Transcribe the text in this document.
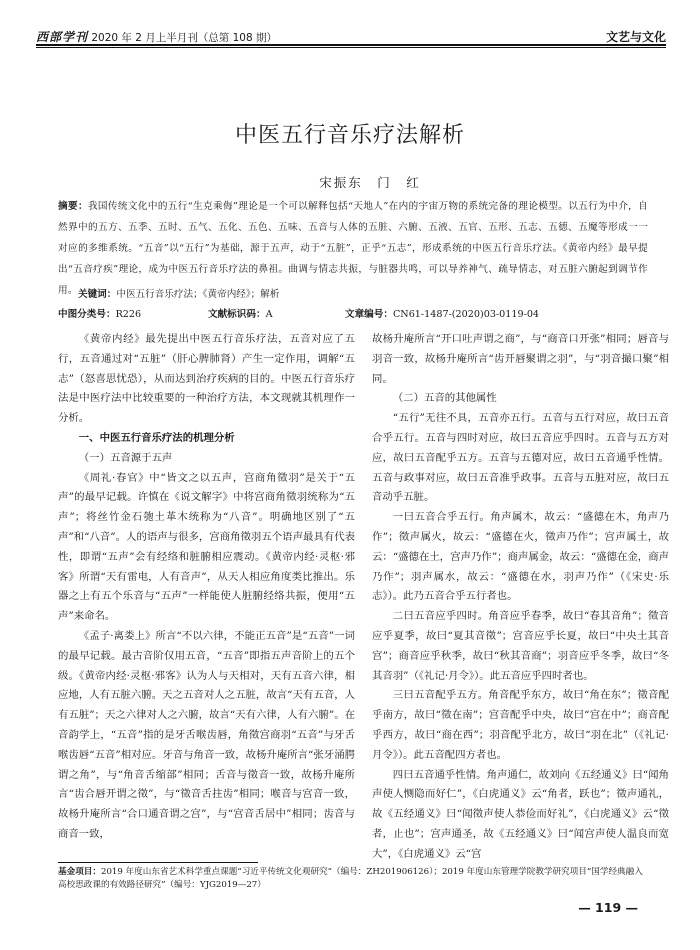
西部学刊 2020 年 2 月上半月刊（总第 108 期）	文艺与文化
中医五行音乐疗法解析
宋振东　门　红
摘要：我国传统文化中的五行“生克乘侮”理论是一个可以解释包括“天地人”在内的宇宙万物的系统完备的理论模型。以五行为中介，自然界中的五方、五季、五时、五气、五化、五色、五味、五音与人体的五脏、六腑、五液、五官、五形、五志、五德、五魔等形成一一对应的多维系统。“五音”以“五行”为基础，源于五声，动于“五脏”，正乎“五志”，形成系统的中医五行音乐疗法。《黄帝内经》最早提出“五音疗疾”理论，成为中医五行音乐疗法的鼻祖。曲调与情志共振，与脏器共鸣，可以导养神气、疏导情志，对五脏六腑起到调节作用。 关键词：中医五行音乐疗法；《黄帝内经》；解析
中图分类号：R226	文献标识码：A	文章编号：CN61-1487-(2020)03-0119-04

《黄帝内经》最先提出中医五行音乐疗法，五音对应了五行，五音通过对“五脏”（肝心脾肺肾）产生一定作用，调解“五志”（怒喜思忧恐），从而达到治疗疾病的目的。中医五行音乐疗法是中医疗法中比较重要的一种治疗方法，本文现就其机理作一分析。

一、中医五行音乐疗法的机理分析
（一）五音源于五声

《周礼·春官》中“皆文之以五声，宫商角徵羽”是关于“五声”的最早记载。许慎在《说文解字》中将宫商角徵羽统称为“五声”；将丝竹金石匏土革木统称为“八音”。明确地区别了“五声”和“八音”。人的语声与很多，宫商角徵羽五个语声最具有代表性，即谓“五声”会有经络和脏腑相应震动。《黄帝内经·灵枢·邪客》所谓“天有雷电，人有音声”，从天人相应角度类比推出。乐器之上有五个乐音与“五声”一样能使人脏腑经络共振，便用“五声”来命名。

《孟子·离娄上》所言“不以六律，不能正五音”是“五音”一词的最早记载。最古音阶仅用五音，“五音”即指五声音阶上的五个级。《黄帝内经·灵枢·邪客》认为人与天相对，天有五音六律，相应地，人有五脏六腑。天之五音对人之五脏，故言“天有五音，人有五脏”；天之六律对人之六腑，故言“天有六律，人有六腑”。在音韵学上，“五音”指的是牙舌喉齿唇，角徵宫商羽“五音”与牙舌喉齿唇“五音”相对应。牙音与角音一致，故杨升庵所言“张牙涌腭谓之角”，与“角音舌缩部”相同；舌音与徵音一致，故杨升庵所言“齿合唇开谓之徵”，与“徵音舌拄齿”相同；喉音与宫音一致，故杨升庵所言“合口通音谓之宫”，与“宫音舌居中”相同；齿音与商音一致，

故杨升庵所言“开口吐声谓之商”，与“商音口开张”相同；唇音与羽音一致，故杨升庵所言“齿开唇聚谓之羽”，与“羽音撮口聚”相同。

（二）五音的其他属性

“五行”无往不具，五音亦五行。五音与五行对应，故曰五音合乎五行。五音与四时对应，故曰五音应乎四时。五音与五方对应，故曰五音配乎五方。五音与五德对应，故曰五音通乎性情。五音与政事对应，故曰五音准乎政事。五音与五脏对应，故曰五音动乎五脏。

一曰五音合乎五行。角声属木，故云：“盛德在木，角声乃作”；徵声属火，故云：“盛德在火，徵声乃作”；宫声属土，故云：“盛德在土，宫声乃作”；商声属金，故云：“盛德在金，商声乃作”；羽声属水，故云：“盛德在水，羽声乃作”（《宋史·乐志》）。此乃五音合乎五行者也。

二曰五音应乎四时。角音应乎春季，故曰“春其音角”；徵音应乎夏季，故曰“夏其音徵”；宫音应乎长夏，故曰“中央土其音宫”；商音应乎秋季，故曰“秋其音商”；羽音应乎冬季，故曰“冬其音羽”（《礼记·月令》）。此五音应乎四时者也。

三曰五音配乎五方。角音配乎东方，故曰“角在东”；徵音配乎南方，故曰“徵在南”；宫音配乎中央，故曰“宫在中”；商音配乎西方，故曰“商在西”；羽音配乎北方，故曰“羽在北”（《礼记·月令》）。此五音配四方者也。

四曰五音通乎性情。角声通仁，故刘向《五经通义》曰“闻角声使人恻隐而好仁”，《白虎通义》云“角者，跃也”；徵声通礼，故《五经通义》曰“闻徵声使人恭俭而好礼”，《白虎通义》云“徵者，止也”；宫声通圣，故《五经通义》曰“闻宫声使人温良而宽大”，《白虎通义》云“宫

基金项目：2019 年度山东省艺术科学重点课题“习近平传统文化观研究”（编号：ZH201906126）；2019 年度山东管理学院教学研究项目“国学经典融入高校思政课的有效路径研究”（编号：YJG2019—27）
— 119 —
